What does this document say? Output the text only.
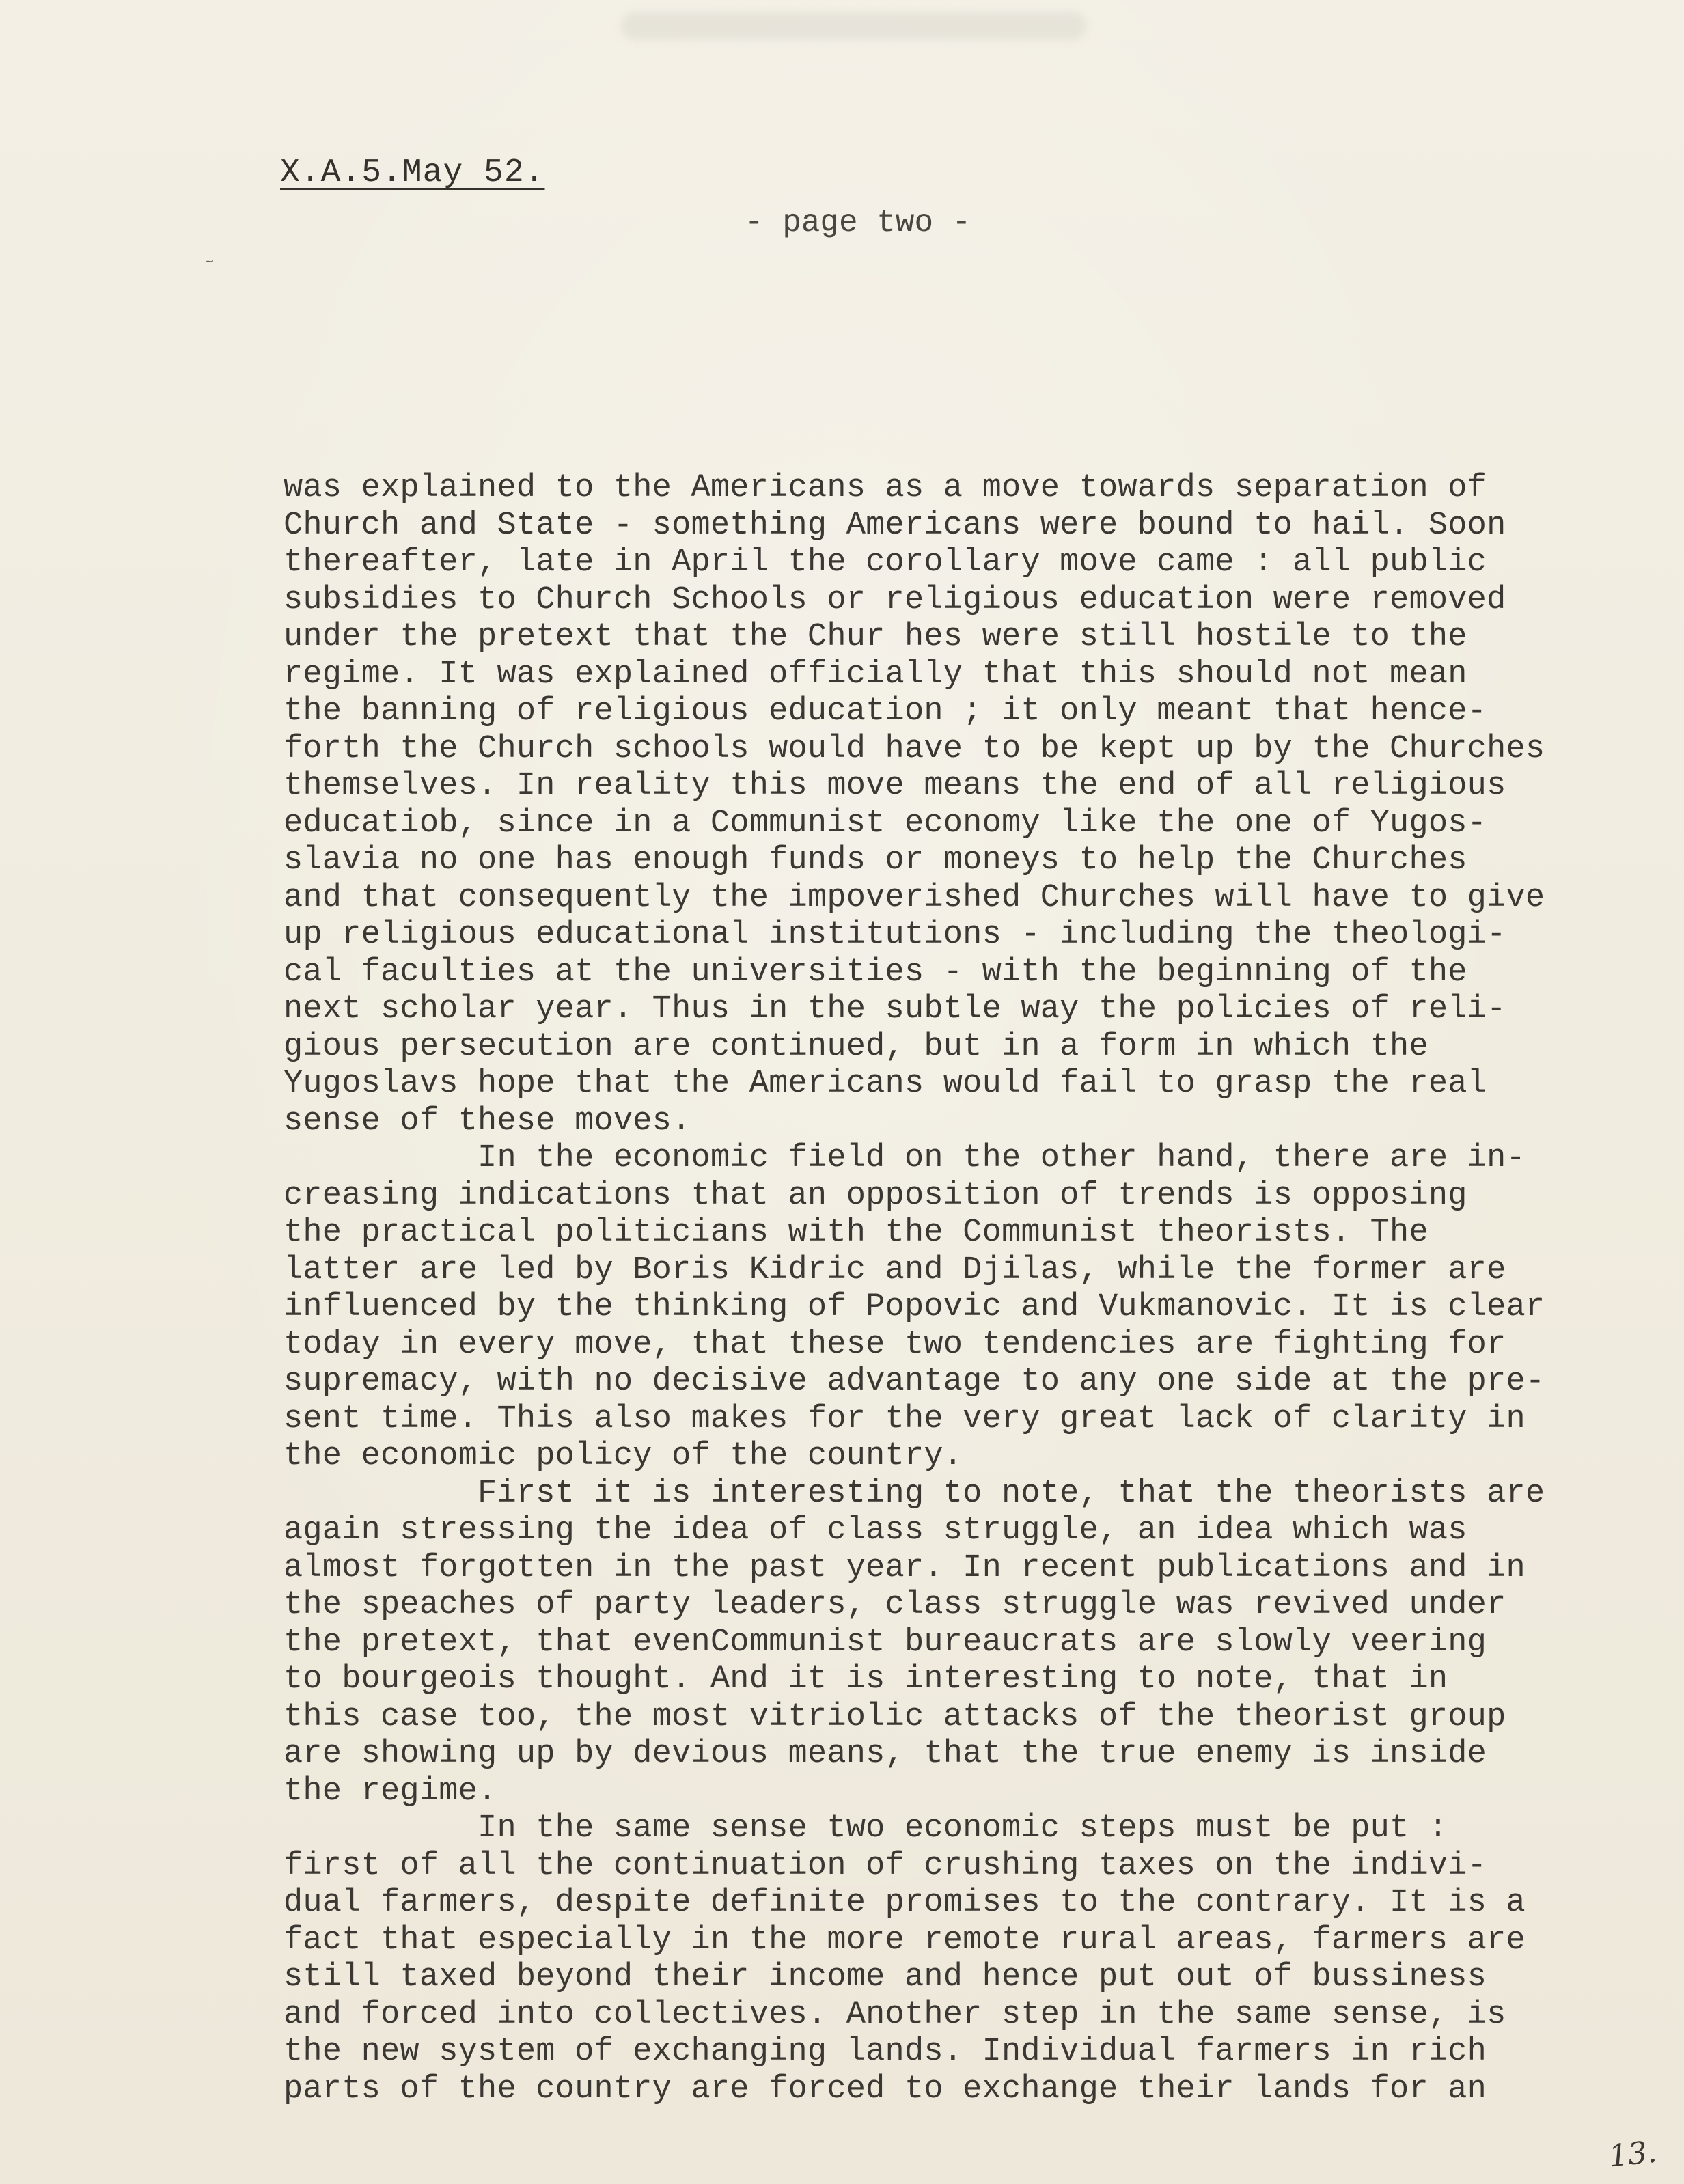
X.A.5.May 52.
- page two -
~
was explained to the Americans as a move towards separation of
Church and State - something Americans were bound to hail. Soon
thereafter, late in April the corollary move came : all public
subsidies to Church Schools or religious education were removed
under the pretext that the Chur hes were still hostile to the
regime. It was explained officially that this should not mean
the banning of religious education ; it only meant that hence-
forth the Church schools would have to be kept up by the Churches
themselves. In reality this move means the end of all religious
educatiob, since in a Communist economy like the one of Yugos-
slavia no one has enough funds or moneys to help the Churches
and that consequently the impoverished Churches will have to give
up religious educational institutions - including the theologi-
cal faculties at the universities - with the beginning of the
next scholar year. Thus in the subtle way the policies of reli-
gious persecution are continued, but in a form in which the
Yugoslavs hope that the Americans would fail to grasp the real
sense of these moves.
In the economic field on the other hand, there are in-
creasing indications that an opposition of trends is opposing
the practical politicians with the Communist theorists. The
latter are led by Boris Kidric and Djilas, while the former are
influenced by the thinking of Popovic and Vukmanovic. It is clear
today in every move, that these two tendencies are fighting for
supremacy, with no decisive advantage to any one side at the pre-
sent time. This also makes for the very great lack of clarity in
the economic policy of the country.
First it is interesting to note, that the theorists are
again stressing the idea of class struggle, an idea which was
almost forgotten in the past year. In recent publications and in
the speaches of party leaders, class struggle was revived under
the pretext, that evenCommunist bureaucrats are slowly veering
to bourgeois thought. And it is interesting to note, that in
this case too, the most vitriolic attacks of the theorist group
are showing up by devious means, that the true enemy is inside
the regime.
In the same sense two economic steps must be put :
first of all the continuation of crushing taxes on the indivi-
dual farmers, despite definite promises to the contrary. It is a
fact that especially in the more remote rural areas, farmers are
still taxed beyond their income and hence put out of bussiness
and forced into collectives. Another step in the same sense, is
the new system of exchanging lands. Individual farmers in rich
parts of the country are forced to exchange their lands for an
13.
